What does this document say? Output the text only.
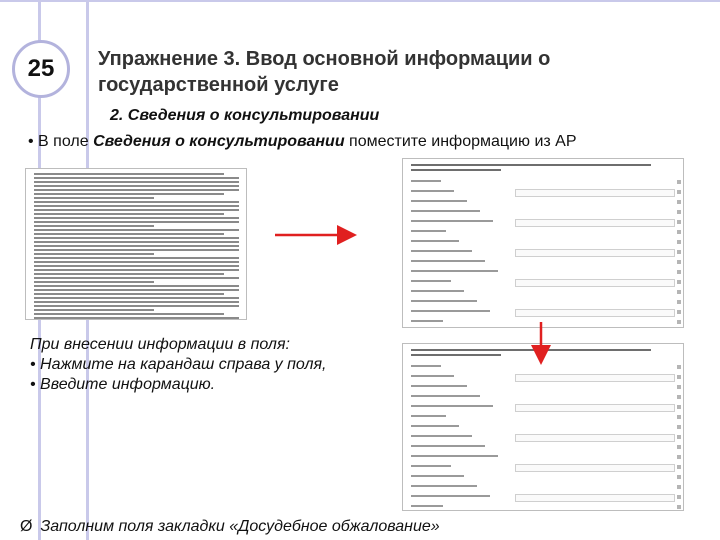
25	Упражнение 3. Ввод основной информации о государственной услуге
2. Сведения о консультировании
• В поле Сведения о консультировании поместите информацию из АР
При внесении информации в поля:
• Нажмите на карандаш справа у поля,
• Введите информацию.
Ø Заполним поля закладки «Досудебное обжалование»
